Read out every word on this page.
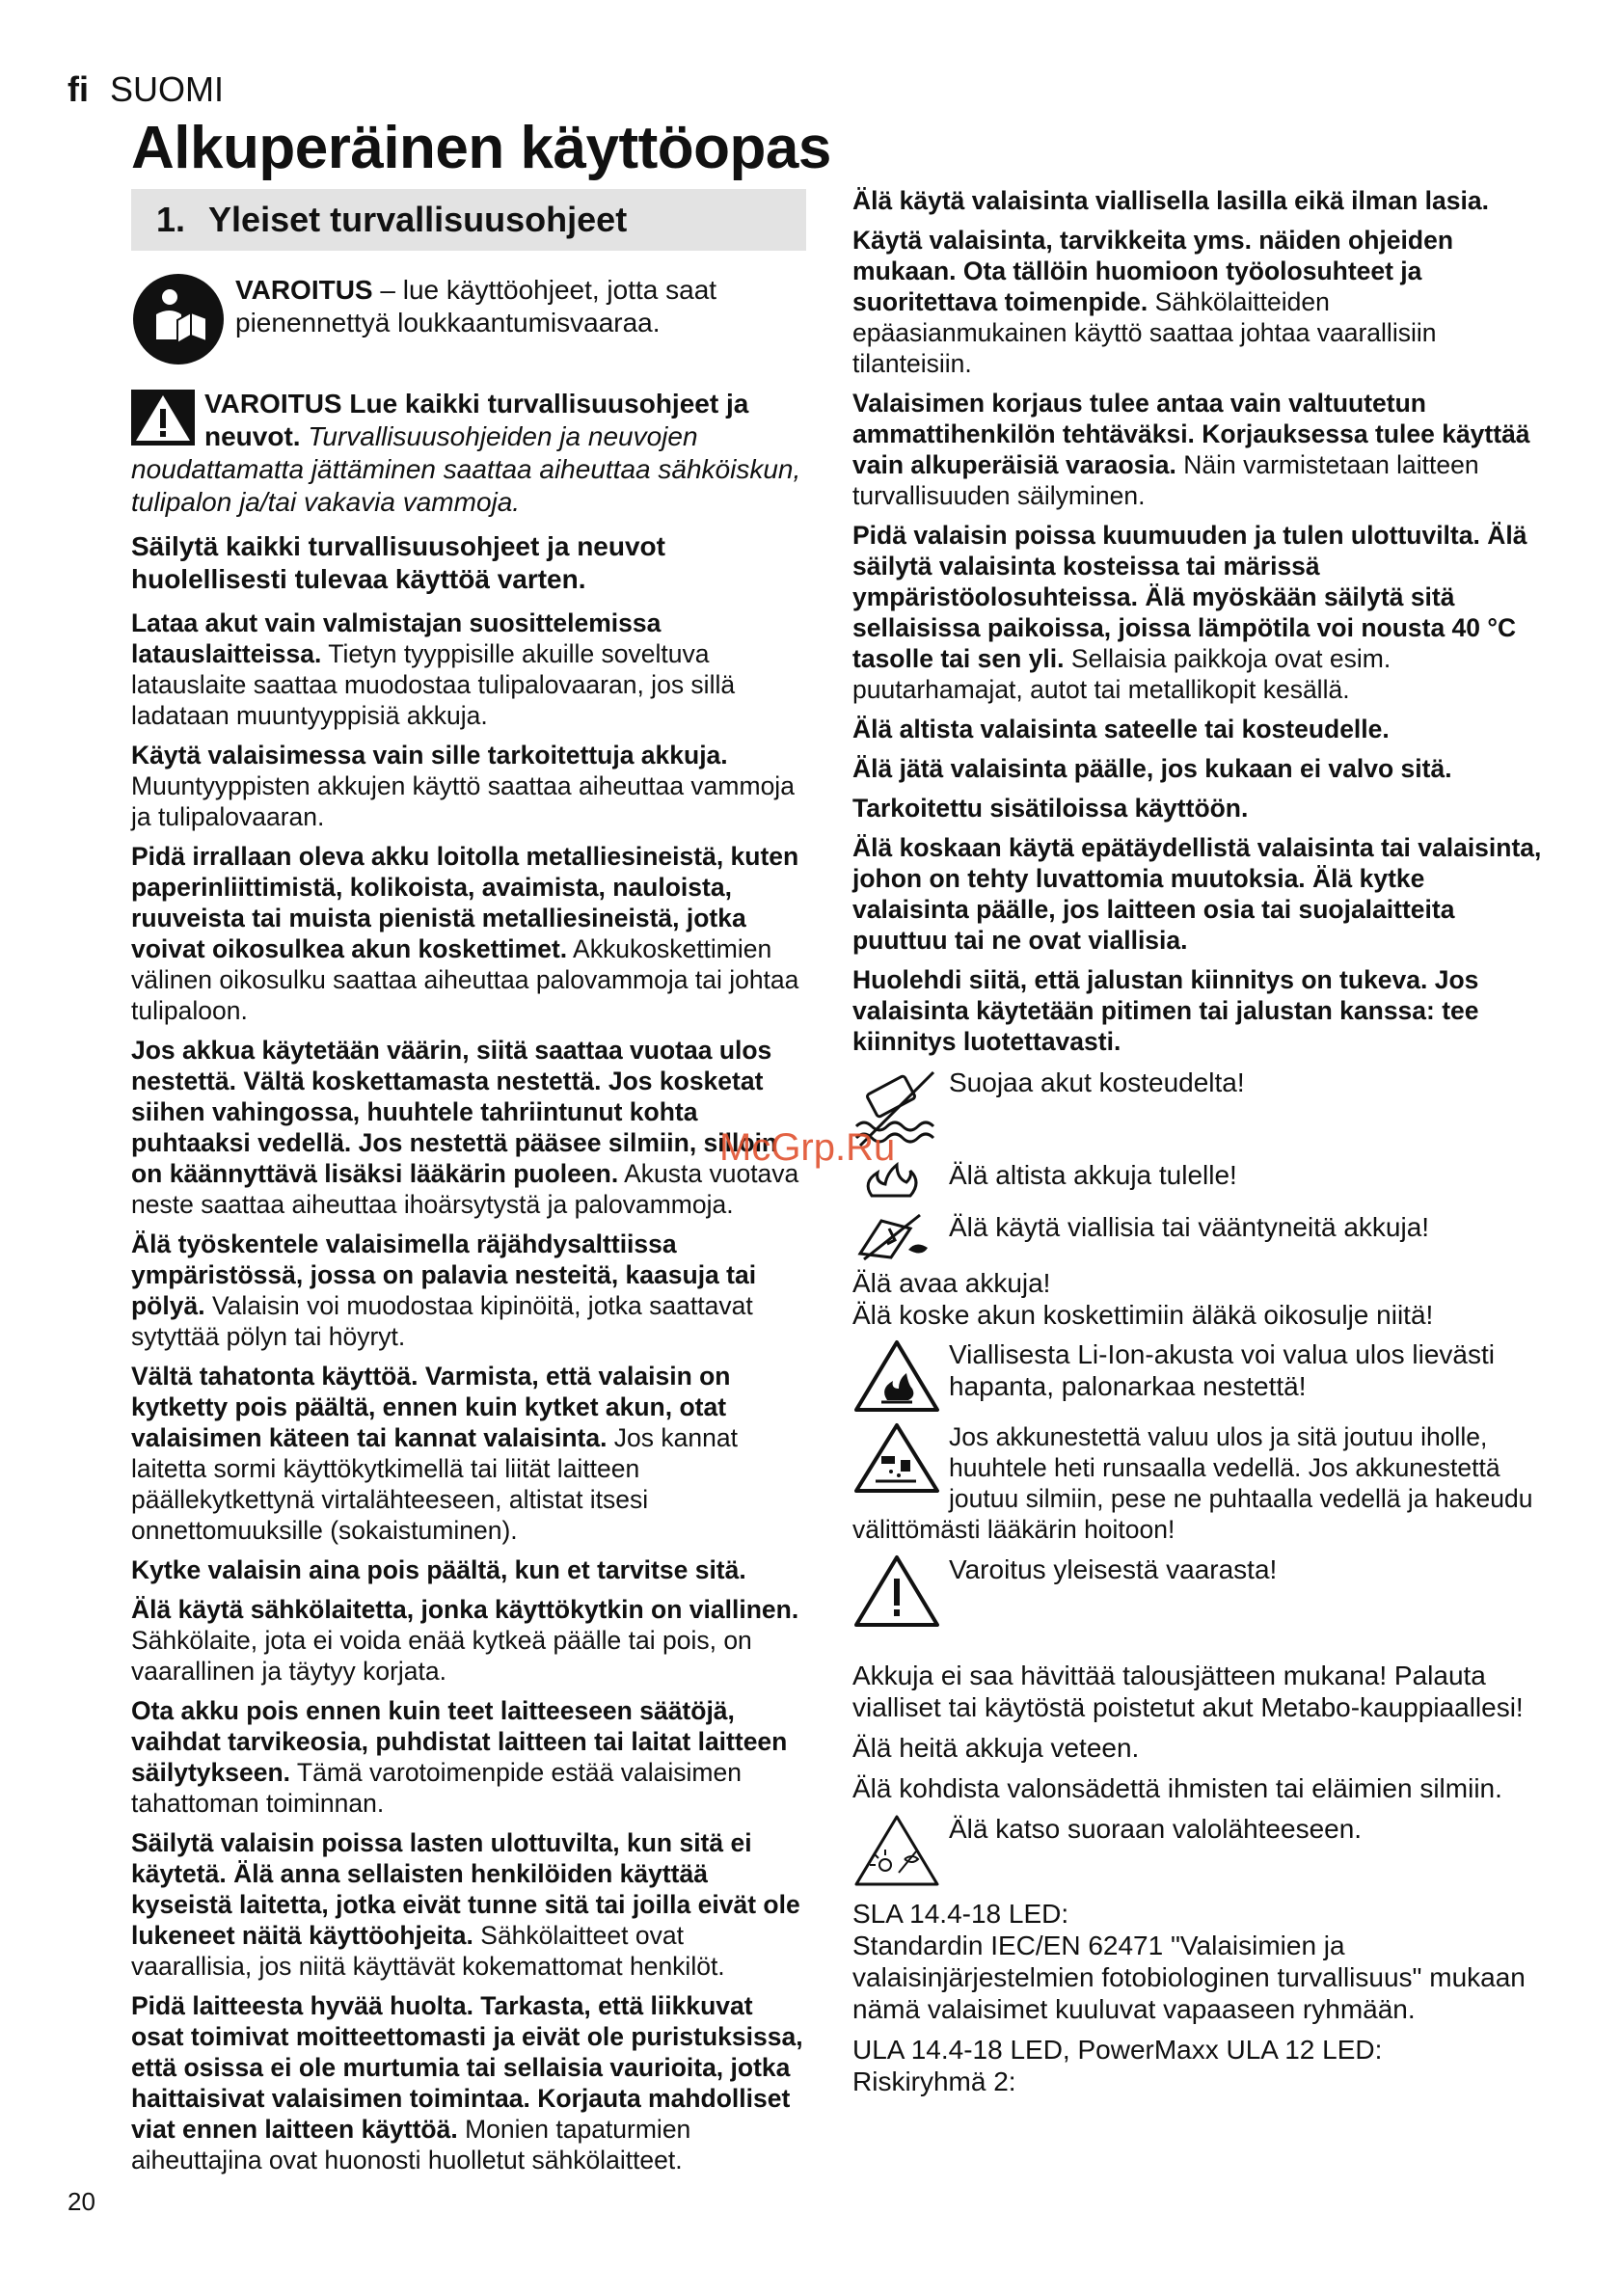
fi SUOMI
Alkuperäinen käyttöopas
1. Yleiset turvallisuusohjeet
VAROITUS – lue käyttöohjeet, jotta saat pienennettyä loukkaantumisvaaraa.

VAROITUS Lue kaikki turvallisuusohjeet ja neuvot. Turvallisuusohjeiden ja neuvojen noudattamatta jättäminen saattaa aiheuttaa sähköiskun, tulipalon ja/tai vakavia vammoja.

Säilytä kaikki turvallisuusohjeet ja neuvot huolellisesti tulevaa käyttöä varten.

Lataa akut vain valmistajan suosittelemissa latauslaitteissa. Tietyn tyyppisille akuille soveltuva latauslaite saattaa muodostaa tulipalovaaran, jos sillä ladataan muuntyyppisiä akkuja.

Käytä valaisimessa vain sille tarkoitettuja akkuja. Muuntyyppisten akkujen käyttö saattaa aiheuttaa vammoja ja tulipalovaaran.

Pidä irrallaan oleva akku loitolla metalliesineistä, kuten paperinliittimistä, kolikoista, avaimista, nauloista, ruuveista tai muista pienistä metalliesineistä, jotka voivat oikosulkea akun koskettimet. Akkukoskettimien välinen oikosulku saattaa aiheuttaa palovammoja tai johtaa tulipaloon.

Jos akkua käytetään väärin, siitä saattaa vuotaa ulos nestettä. Vältä koskettamasta nestettä. Jos kosketat siihen vahingossa, huuhtele tahriintunut kohta puhtaaksi vedellä. Jos nestettä pääsee silmiin, silloin on käännyttävä lisäksi lääkärin puoleen. Akusta vuotava neste saattaa aiheuttaa ihoärsytystä ja palovammoja.

Älä työskentele valaisimella räjähdysalttiissa ympäristössä, jossa on palavia nesteitä, kaasuja tai pölyä. Valaisin voi muodostaa kipinöitä, jotka saattavat sytyttää pölyn tai höyryt.

Vältä tahatonta käyttöä. Varmista, että valaisin on kytketty pois päältä, ennen kuin kytket akun, otat valaisimen käteen tai kannat valaisinta. Jos kannat laitetta sormi käyttökytkimellä tai liität laitteen päällekytkettynä virtalähteeseen, altistat itsesi onnettomuuksille (sokaistuminen).

Kytke valaisin aina pois päältä, kun et tarvitse sitä.

Älä käytä sähkölaitetta, jonka käyttökytkin on viallinen. Sähkölaite, jota ei voida enää kytkeä päälle tai pois, on vaarallinen ja täytyy korjata.

Ota akku pois ennen kuin teet laitteeseen säätöjä, vaihdat tarvikeosia, puhdistat laitteen tai laitat laitteen säilytykseen. Tämä varotoimenpide estää valaisimen tahattoman toiminnan.

Säilytä valaisin poissa lasten ulottuvilta, kun sitä ei käytetä. Älä anna sellaisten henkilöiden käyttää kyseistä laitetta, jotka eivät tunne sitä tai joilla eivät ole lukeneet näitä käyttöohjeita. Sähkölaitteet ovat vaarallisia, jos niitä käyttävät kokemattomat henkilöt.

Pidä laitteesta hyvää huolta. Tarkasta, että liikkuvat osat toimivat moitteettomasti ja eivät ole puristuksissa, että osissa ei ole murtumia tai sellaisia vaurioita, jotka haittaisivat valaisimen toimintaa. Korjauta mahdolliset viat ennen laitteen käyttöä. Monien tapaturmien aiheuttajina ovat huonosti huolletut sähkölaitteet.

Älä käytä valaisinta viallisella lasilla eikä ilman lasia.

Käytä valaisinta, tarvikkeita yms. näiden ohjeiden mukaan. Ota tällöin huomioon työolosuhteet ja suoritettava toimenpide. Sähkölaitteiden epäasianmukainen käyttö saattaa johtaa vaarallisiin tilanteisiin.

Valaisimen korjaus tulee antaa vain valtuutetun ammattihenkilön tehtäväksi. Korjauksessa tulee käyttää vain alkuperäisiä varaosia. Näin varmistetaan laitteen turvallisuuden säilyminen.

Pidä valaisin poissa kuumuuden ja tulen ulottuvilta. Älä säilytä valaisinta kosteissa tai märissä ympäristöolosuhteissa. Älä myöskään säilytä sitä sellaisissa paikoissa, joissa lämpötila voi nousta 40 °C tasolle tai sen yli. Sellaisia paikkoja ovat esim. puutarhamajat, autot tai metallikopit kesällä.

Älä altista valaisinta sateelle tai kosteudelle.

Älä jätä valaisinta päälle, jos kukaan ei valvo sitä.

Tarkoitettu sisätiloissa käyttöön.

Älä koskaan käytä epätäydellistä valaisinta tai valaisinta, johon on tehty luvattomia muutoksia. Älä kytke valaisinta päälle, jos laitteen osia tai suojalaitteita puuttuu tai ne ovat viallisia.

Huolehdi siitä, että jalustan kiinnitys on tukeva. Jos valaisinta käytetään pitimen tai jalustan kanssa: tee kiinnitys luotettavasti.

Suojaa akut kosteudelta!
Älä altista akkuja tulelle!
Älä käytä viallisia tai vääntyneitä akkuja!
Älä avaa akkuja!
Älä koske akun koskettimiin äläkä oikosulje niitä!
Viallisesta Li-Ion-akusta voi valua ulos lievästi hapanta, palonarkaa nestettä!

Jos akkunestettä valuu ulos ja sitä joutuu iholle, huuhtele heti runsaalla vedellä. Jos akkunestettä joutuu silmiin, pese ne puhtaalla vedellä ja hakeudu välittömästi lääkärin hoitoon!

Varoitus yleisestä vaarasta!

Akkuja ei saa hävittää talousjätteen mukana! Palauta vialliset tai käytöstä poistetut akut Metabo-kauppiaallesi!

Älä heitä akkuja veteen.

Älä kohdista valonsädettä ihmisten tai eläimien silmiin.

Älä katso suoraan valolähteeseen.
SLA 14.4-18 LED:

Standardin IEC/EN 62471 "Valaisimien ja valaisinjärjestelmien fotobiologinen turvallisuus" mukaan nämä valaisimet kuuluvat vapaaseen ryhmään.

ULA 14.4-18 LED, PowerMaxx ULA 12 LED:
Riskiryhmä 2:
McGrp.Ru
20
